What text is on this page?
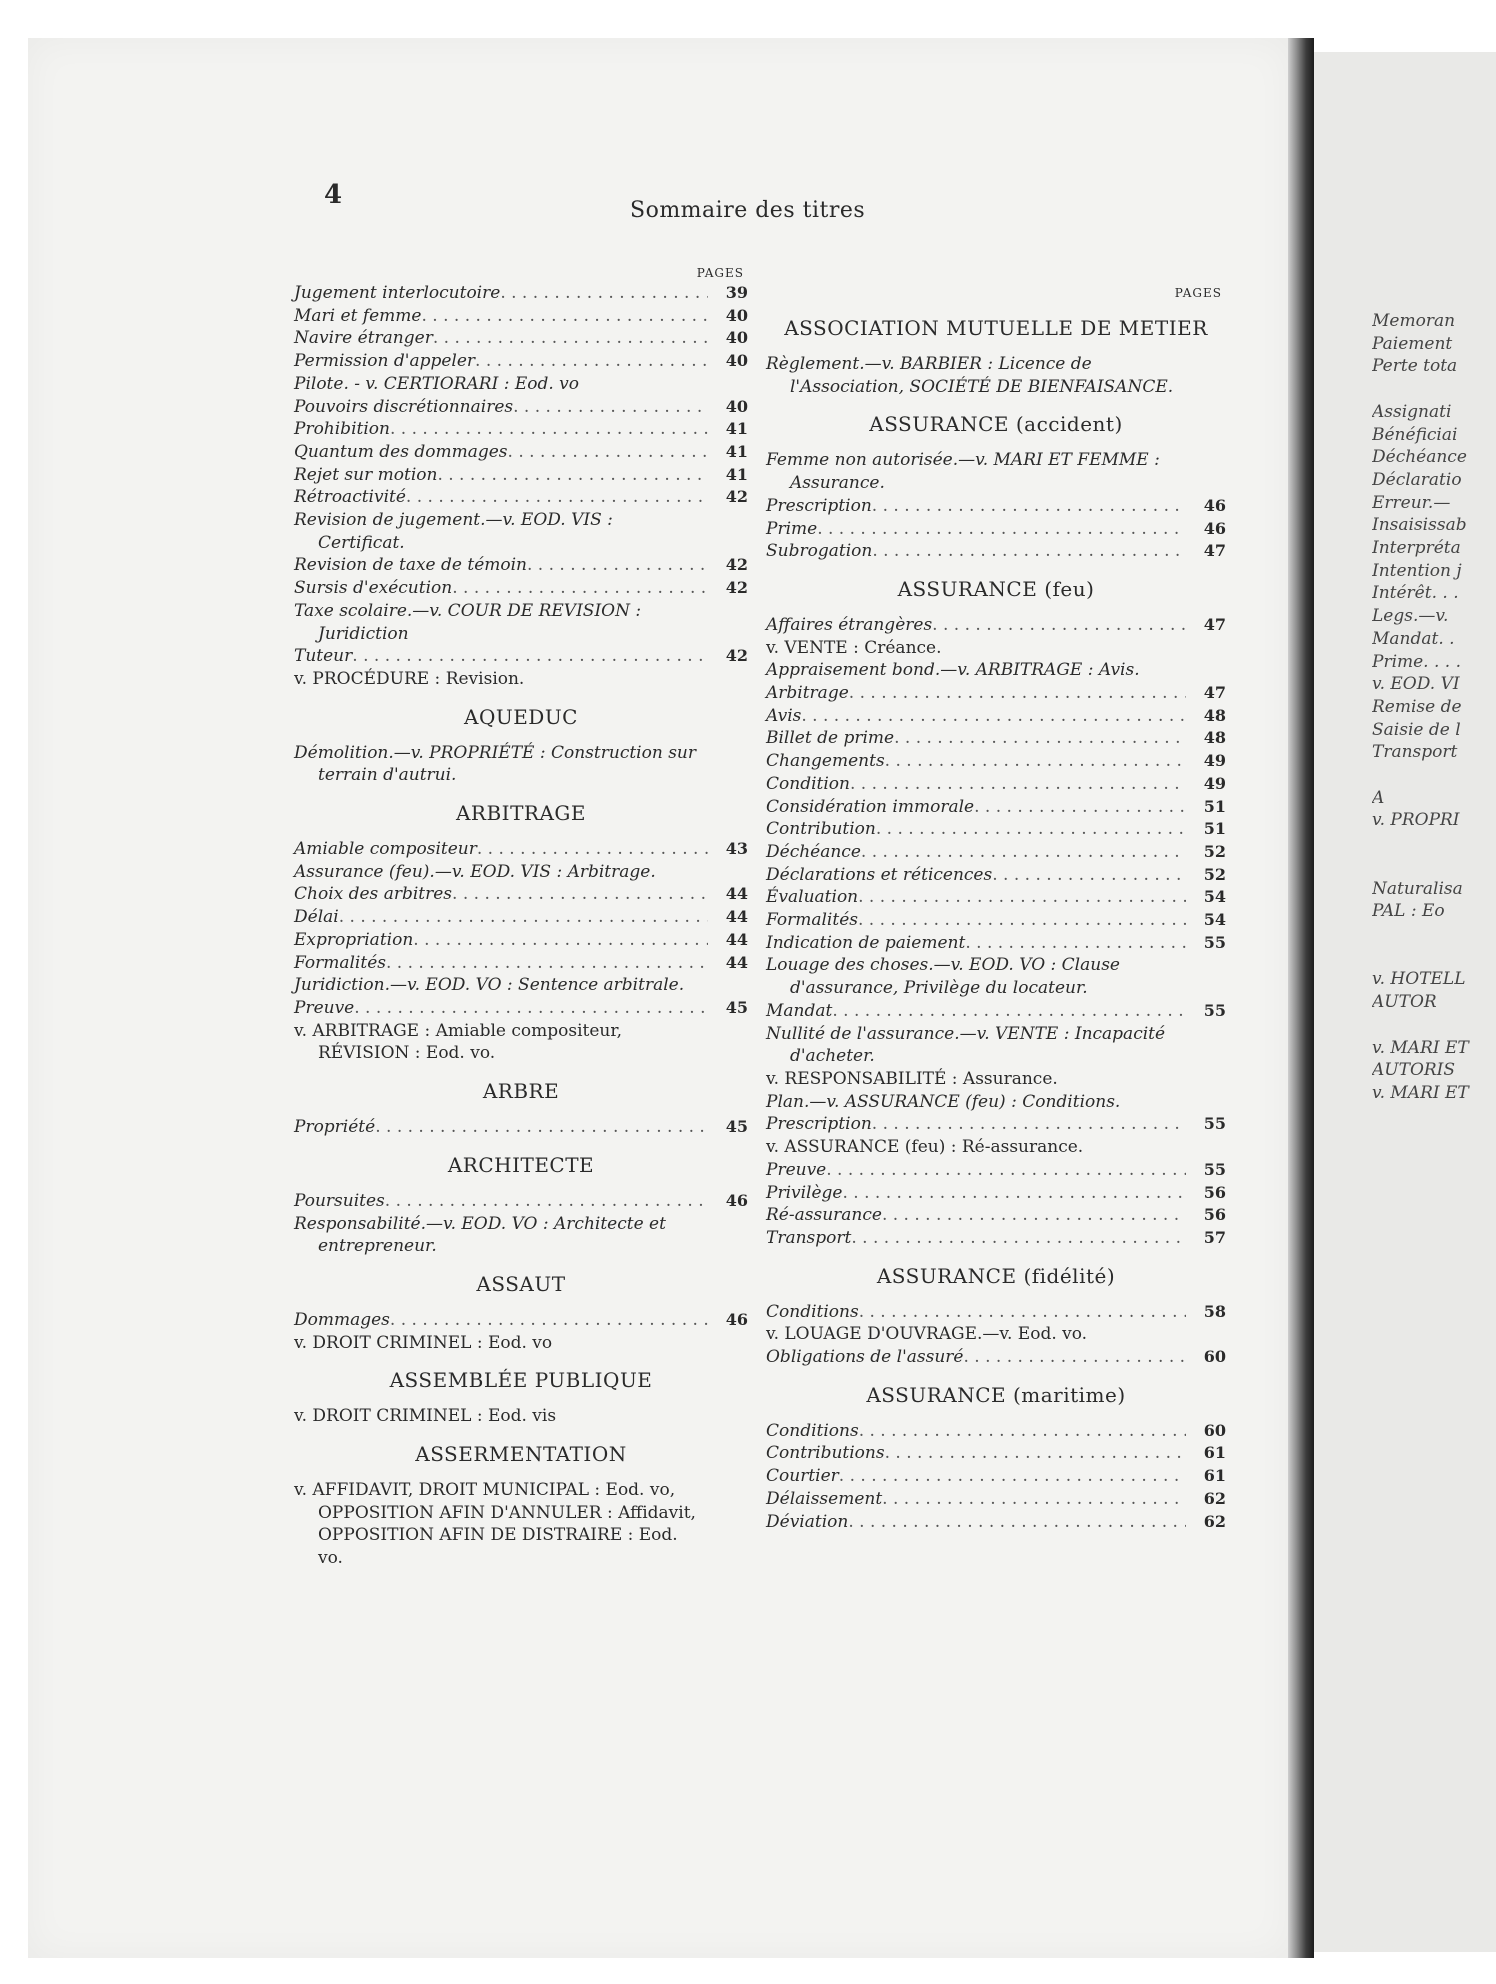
4
Sommaire des titres
PAGES
Jugement interlocutoire . . .	39
Mari et femme . . .	40
Navire étranger . . .	40
Permission d'appeler . . .	40
Pilote. - v. CERTIORARI : Eod. vo
Pouvoirs discrétionnaires . . .	40
Prohibition . . .	41
Quantum des dommages . . .	41
Rejet sur motion . . .	41
Rétroactivité . . .	42
Revision de jugement.—v. EOD. VIS : Certificat.
Revision de taxe de témoin . . .	42
Sursis d'exécution . . .	42
Taxe scolaire.—v. COUR DE REVISION : Juridiction
Tuteur . . .	42
v. PROCÉDURE : Revision.
AQUEDUC
Démolition.—v. PROPRIÉTÉ : Construction sur terrain d'autrui.
ARBITRAGE
Amiable compositeur . . .	43
Assurance (feu).—v. EOD. VIS : Arbitrage.
Choix des arbitres . . .	44
Délai . . .	44
Expropriation . . .	44
Formalités . . .	44
Juridiction.—v. EOD. VO : Sentence arbitrale.
Preuve . . .	45
v. ARBITRAGE : Amiable compositeur, RÉVISION : Eod. vo.
ARBRE
Propriété . . .	45
ARCHITECTE
Poursuites . . .	46
Responsabilité.—v. EOD. VO : Architecte et entrepreneur.
ASSAUT
Dommages . . .	46
v. DROIT CRIMINEL : Eod. vo
ASSEMBLÉE PUBLIQUE
v. DROIT CRIMINEL : Eod. vis
ASSERMENTATION
v. AFFIDAVIT, DROIT MUNICIPAL : Eod. vo, OPPOSITION AFIN D'ANNULER : Affidavit, OPPOSITION AFIN DE DISTRAIRE : Eod. vo.
PAGES
ASSOCIATION MUTUELLE DE METIER
Règlement.—v. BARBIER : Licence de l'Association, SOCIÉTÉ DE BIENFAISANCE.
ASSURANCE (accident)
Femme non autorisée.—v. MARI ET FEMME : Assurance.
Prescription . . .	46
Prime . . .	46
Subrogation . . .	47
ASSURANCE (feu)
Affaires étrangères . . .	47
v. VENTE : Créance.
Appraisement bond.—v. ARBITRAGE : Avis.
Arbitrage . . .	47
Avis . . .	48
Billet de prime . . .	48
Changements . . .	49
Condition . . .	49
Considération immorale . . .	51
Contribution . . .	51
Déchéance . . .	52
Déclarations et réticences . . .	52
Évaluation . . .	54
Formalités . . .	54
Indication de paiement . . .	55
Louage des choses.—v. EOD. VO : Clause d'assurance, Privilège du locateur.
Mandat . . .	55
Nullité de l'assurance.—v. VENTE : Incapacité d'acheter.
v. RESPONSABILITÉ : Assurance.
Plan.—v. ASSURANCE (feu) : Conditions.
Prescription . . .	55
v. ASSURANCE (feu) : Ré-assurance.
Preuve . . .	55
Privilège . . .	56
Ré-assurance . . .	56
Transport . . .	57
ASSURANCE (fidélité)
Conditions . . .	58
v. LOUAGE D'OUVRAGE.—v. Eod. vo.
Obligations de l'assuré . . .	60
ASSURANCE (maritime)
Conditions . . .	60
Contributions . . .	61
Courtier . . .	61
Délaissement . . .	62
Déviation . . .	62
Memoran
Paiement
Perte tota

Assignati
Bénéficiai
Déchéance
Déclaratio
Erreur.—
Insaisissab
Interpréta
Intention j
Intérêt. . .
Legs.—v.
Mandat. .
Prime. . . .
v. EOD. VI
Remise de
Saisie de l
Transport

A
v. PROPRI

Naturalisa
PAL : Eo

v. HOTELL
AUTOR

v. MARI ET
AUTORIS
v. MARI ET
